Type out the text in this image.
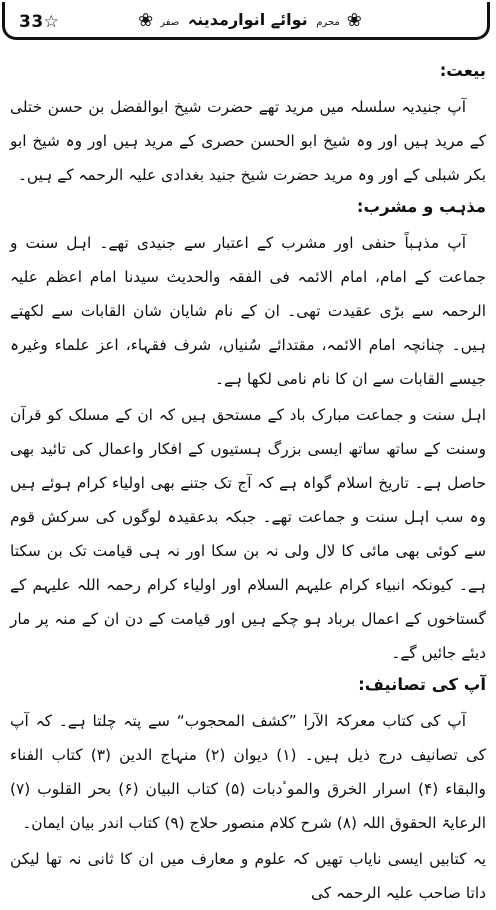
33☆	❀محرم نوائے انوارمدینہ صفر❀
بیعت:

آپ جنیدیہ سلسلہ میں مرید تھے حضرت شیخ ابوالفضل بن حسن ختلی کے مرید ہیں اور وہ شیخ ابو الحسن حصری کے مرید ہیں اور وہ شیخ ابو بکر شبلی کے اور وہ مرید حضرت شیخ جنید بغدادی علیہ الرحمہ کے ہیں۔

مذہب و مشرب:

آپ مذہباً حنفی اور مشرب کے اعتبار سے جنیدی تھے۔ اہل سنت و جماعت کے امام، امام الائمہ فی الفقہ والحدیث سیدنا امام اعظم علیہ الرحمہ سے بڑی عقیدت تھی۔ ان کے نام شایان شان القابات سے لکھتے ہیں۔ چنانچہ امام الائمہ، مقتدائے سُنیاں، شرف فقہاء، اعز علماء وغیرہ جیسے القابات سے ان کا نام نامی لکھا ہے۔

اہل سنت و جماعت مبارک باد کے مستحق ہیں کہ ان کے مسلک کو قرآن وسنت کے ساتھ ساتھ ایسی بزرگ ہستیوں کے افکار واعمال کی تائید بھی حاصل ہے۔ تاریخ اسلام گواہ ہے کہ آج تک جتنے بھی اولیاء کرام ہوئے ہیں وہ سب اہل سنت و جماعت تھے۔ جبکہ بدعقیدہ لوگوں کی سرکش قوم سے کوئی بھی مائی کا لال ولی نہ بن سکا اور نہ ہی قیامت تک بن سکتا ہے۔ کیونکہ انبیاء کرام علیہم السلام اور اولیاء کرام رحمہ اللہ علیہم کے گستاخوں کے اعمال برباد ہو چکے ہیں اور قیامت کے دن ان کے منہ پر مار دیئے جائیں گے۔

آپ کی تصانیف:

آپ کی کتاب معرکۃ الآرا ”کشف المحجوب“ سے پتہ چلتا ہے۔ کہ آپ کی تصانیف درج ذیل ہیں۔ (۱) دیوان (۲) منہاج الدین (۳) کتاب الفناء والبقاء (۴) اسرار الخرق والموٴدبات (۵) کتاب البیان (۶) بحر القلوب (۷) الرعایۃ الحقوق اللہ (۸) شرح کلام منصور حلاج (۹) کتاب اندر بیان ایمان۔

یہ کتابیں ایسی نایاب تھیں کہ علوم و معارف میں ان کا ثانی نہ تھا لیکن داتا صاحب علیہ الرحمہ کی
